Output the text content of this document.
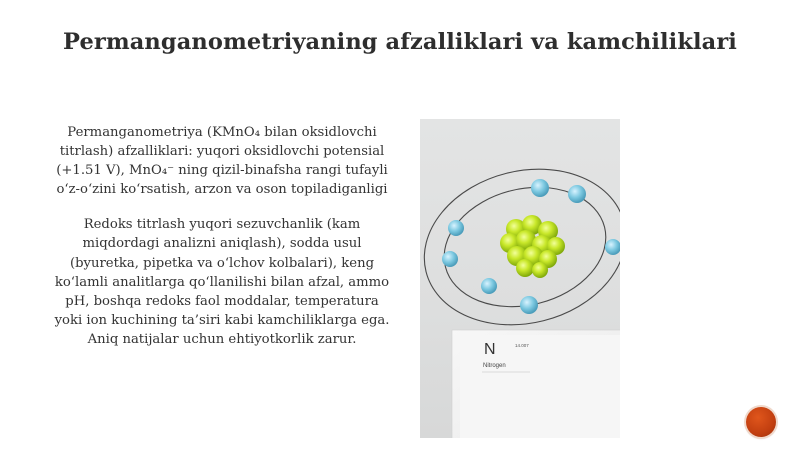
Permanganometriyaning afzalliklari va kamchiliklari

Permanganometriya (KMnO₄ bilan oksidlovchi titrlash) afzalliklari: yuqori oksidlovchi potensial (+1.51 V), MnO₄⁻ ning qizil-binafsha rangi tufayli o‘z-o‘zini ko‘rsatish, arzon va oson topiladiganligi

Redoks titrlash yuqori sezuvchanlik (kam miqdordagi analizni aniqlash), sodda usul (byuretka, pipetka va o‘lchov kolbalari), keng ko‘lamli analitlarga qo‘llanilishi bilan afzal, ammo pH, boshqa redoks faol moddalar, temperatura yoki ion kuchining ta’siri kabi kamchiliklarga ega. Aniq natijalar uchun ehtiyotkorlik zarur.

N	14.007
Nitrogen
